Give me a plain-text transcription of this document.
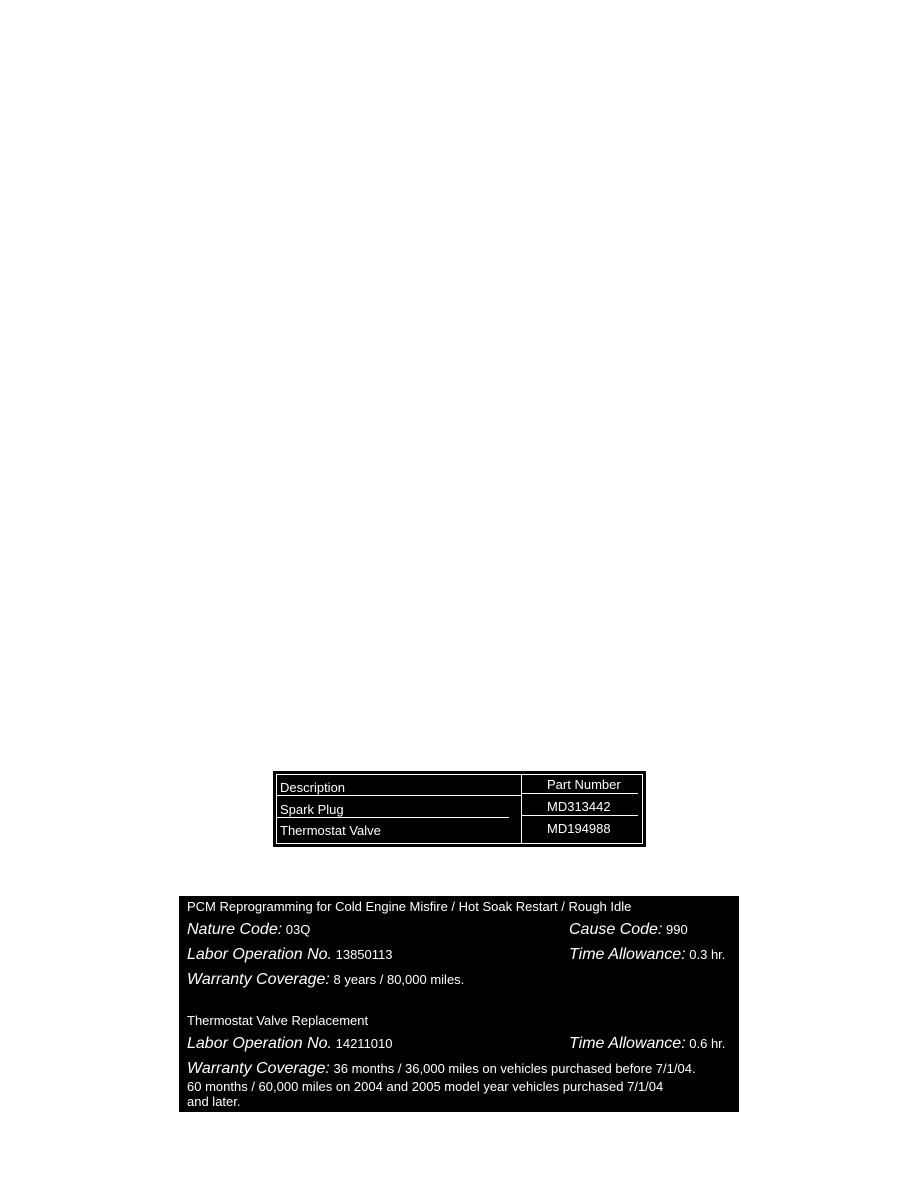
Description	Part Number
Spark Plug	MD313442
Thermostat Valve	MD194988
PCM Reprogramming for Cold Engine Misfire / Hot Soak Restart / Rough Idle
Nature Code: 03Q	Cause Code: 990
Labor Operation No. 13850113	Time Allowance: 0.3 hr.
Warranty Coverage: 8 years / 80,000 miles.
Thermostat Valve Replacement
Labor Operation No. 14211010	Time Allowance: 0.6 hr.
Warranty Coverage: 36 months / 36,000 miles on vehicles purchased before 7/1/04.
60 months / 60,000 miles on 2004 and 2005 model year vehicles purchased 7/1/04
and later.
